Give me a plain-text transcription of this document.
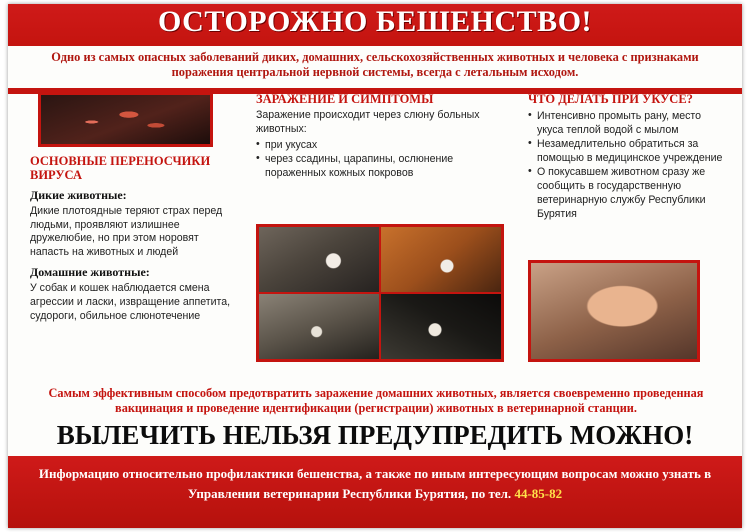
ОСТОРОЖНО БЕШЕНСТВО!
Одно из самых опасных заболеваний диких, домашних, сельскохозяйственных животных и человека с признаками поражения центральной нервной системы, всегда с летальным исходом.
ОСНОВНЫЕ ПЕРЕНОСЧИКИ ВИРУСА
Дикие животные:
Дикие плотоядные теряют страх перед людьми, проявляют излишнее дружелюбие, но при этом норовят напасть на животных и людей
Домашние животные:
У собак и кошек наблюдается смена агрессии и ласки, извращение аппетита, судороги, обильное слюнотечение
ЗАРАЖЕНИЕ И СИМПТОМЫ
Заражение происходит через слюну больных животных:
• при укусах
• через ссадины, царапины, ослюнение пораженных кожных покровов
ЧТО ДЕЛАТЬ ПРИ УКУСЕ?
• Интенсивно промыть рану, место укуса теплой водой с мылом
• Незамедлительно обратиться за помощью в медицинское учреждение
• О покусавшем животном сразу же сообщить в государственную ветеринарную службу Республики Бурятия
Самым эффективным способом предотвратить заражение домашних животных, является своевременно проведенная вакцинация и проведение идентификации (регистрации) животных в ветеринарной станции.
ВЫЛЕЧИТЬ НЕЛЬЗЯ ПРЕДУПРЕДИТЬ МОЖНО!
Информацию относительно профилактики бешенства, а также по иным интересующим вопросам можно узнать в Управлении ветеринарии Республики Бурятия, по тел. 44-85-82
